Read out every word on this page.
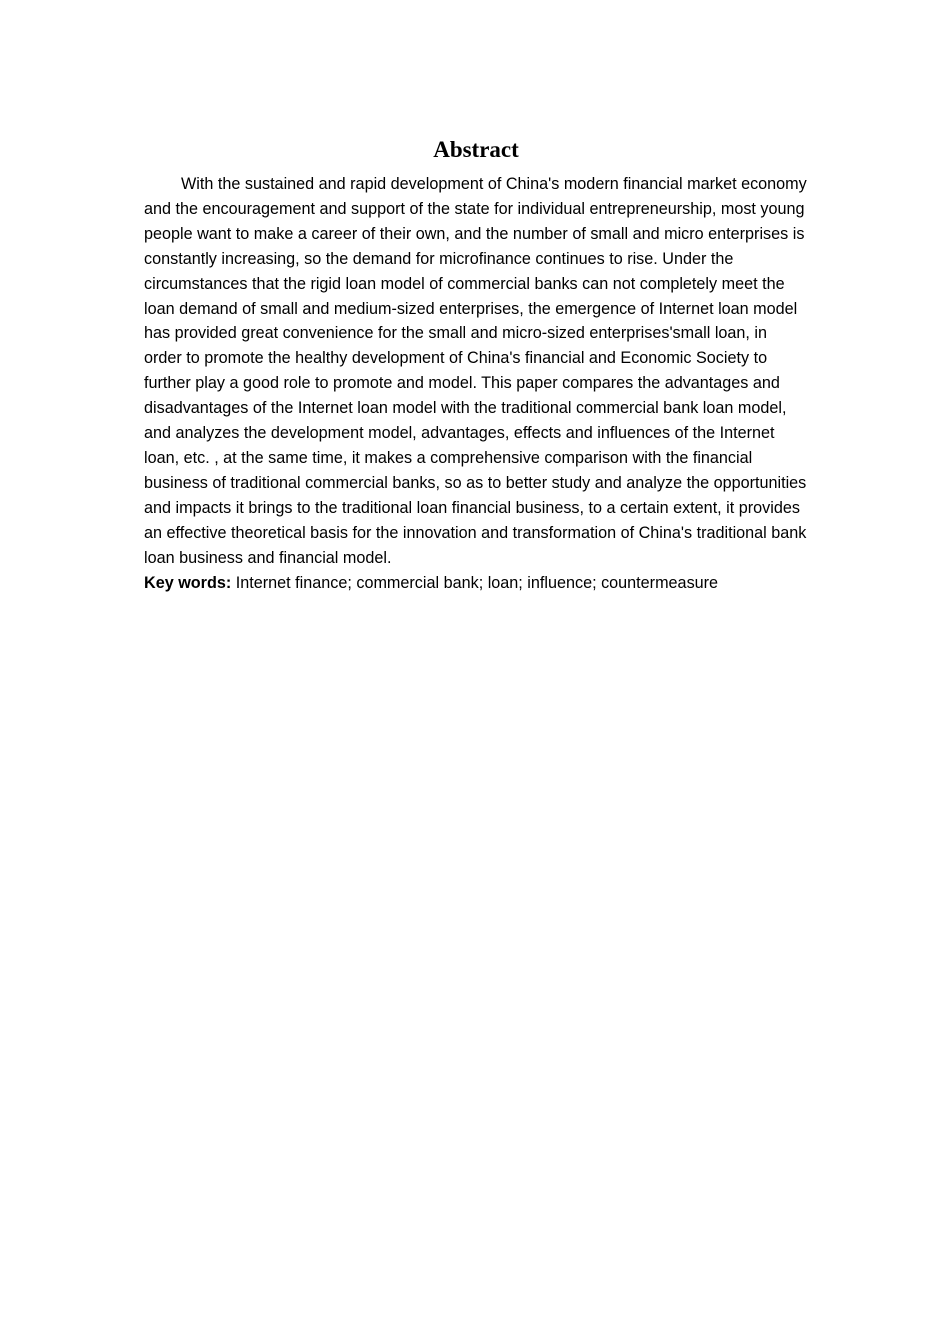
Abstract

With the sustained and rapid development of China's modern financial market economy and the encouragement and support of the state for individual entrepreneurship, most young people want to make a career of their own, and the number of small and micro enterprises is constantly increasing, so the demand for microfinance continues to rise. Under the circumstances that the rigid loan model of commercial banks can not completely meet the loan demand of small and medium-sized enterprises, the emergence of Internet loan model has provided great convenience for the small and micro-sized enterprises'small loan, in order to promote the healthy development of China's financial and Economic Society to further play a good role to promote and model. This paper compares the advantages and disadvantages of the Internet loan model with the traditional commercial bank loan model, and analyzes the development model, advantages, effects and influences of the Internet loan, etc. , at the same time, it makes a comprehensive comparison with the financial business of traditional commercial banks, so as to better study and analyze the opportunities and impacts it brings to the traditional loan financial business, to a certain extent, it provides an effective theoretical basis for the innovation and transformation of China's traditional bank loan business and financial model.

Key words: Internet finance; commercial bank; loan; influence; countermeasure
